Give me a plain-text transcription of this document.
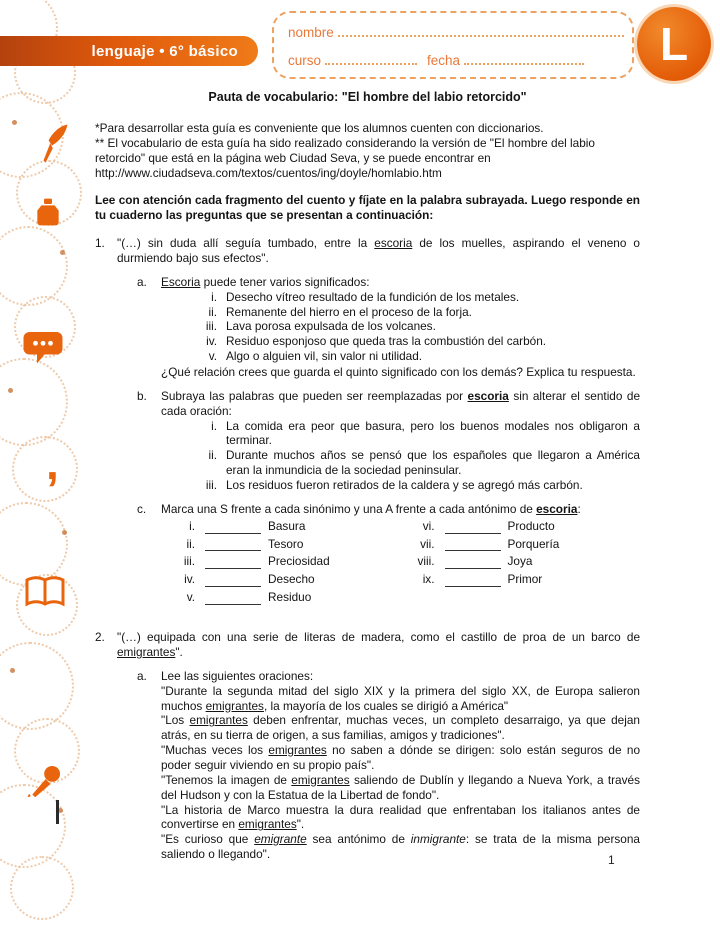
,
lenguaje • 6° básico
nombre
curso	fecha	L
Pauta de vocabulario: "El hombre del labio retorcido"

*Para desarrollar esta guía es conveniente que los alumnos cuenten con diccionarios.

** El vocabulario de esta guía ha sido realizado considerando la versión de "El hombre del labio retorcido" que está en la página web Ciudad Seva, y se puede encontrar en http://www.ciudadseva.com/textos/cuentos/ing/doyle/homlabio.htm

Lee con atención cada fragmento del cuento y fíjate en la palabra subrayada. Luego responde en tu cuaderno las preguntas que se presentan a continuación:

1.	"(…) sin duda allí seguía tumbado, entre la escoria de los muelles, aspirando el veneno o durmiendo bajo sus efectos".

a.	Escoria puede tener varios significados:

i. Desecho vítreo resultado de la fundición de los metales.
ii. Remanente del hierro en el proceso de la forja.
iii. Lava porosa expulsada de los volcanes.
iv. Residuo esponjoso que queda tras la combustión del carbón.
v. Algo o alguien vil, sin valor ni utilidad.

¿Qué relación crees que guarda el quinto significado con los demás? Explica tu respuesta.

b.	Subraya las palabras que pueden ser reemplazadas por escoria sin alterar el sentido de cada oración:

i. La comida era peor que basura, pero los buenos modales nos obligaron a terminar.
ii. Durante muchos años se pensó que los españoles que llegaron a América eran la inmundicia de la sociedad peninsular.
iii. Los residuos fueron retirados de la caldera y se agregó más carbón.
c.	Marca una S frente a cada sinónimo y una A frente a cada antónimo de escoria:

i.	Basura
ii.	Tesoro
iii.	Preciosidad
iv.	Desecho
v.	Residuo
vi.	Producto
vii.	Porquería
viii.	Joya
ix.	Primor
2.	"(…) equipada con una serie de literas de madera, como el castillo de proa de un barco de emigrantes".

a.	Lee las siguientes oraciones:

"Durante la segunda mitad del siglo XIX y la primera del siglo XX, de Europa salieron muchos emigrantes, la mayoría de los cuales se dirigió a América"

"Los emigrantes deben enfrentar, muchas veces, un completo desarraigo, ya que dejan atrás, en su tierra de origen, a sus familias, amigos y tradiciones".

"Muchas veces los emigrantes no saben a dónde se dirigen: solo están seguros de no poder seguir viviendo en su propio país".

"Tenemos la imagen de emigrantes saliendo de Dublín y llegando a Nueva York, a través del Hudson y con la Estatua de la Libertad de fondo".

"La historia de Marco muestra la dura realidad que enfrentaban los italianos antes de convertirse en emigrantes".

"Es curioso que emigrante sea antónimo de inmigrante: se trata de la misma persona saliendo o llegando".	1
